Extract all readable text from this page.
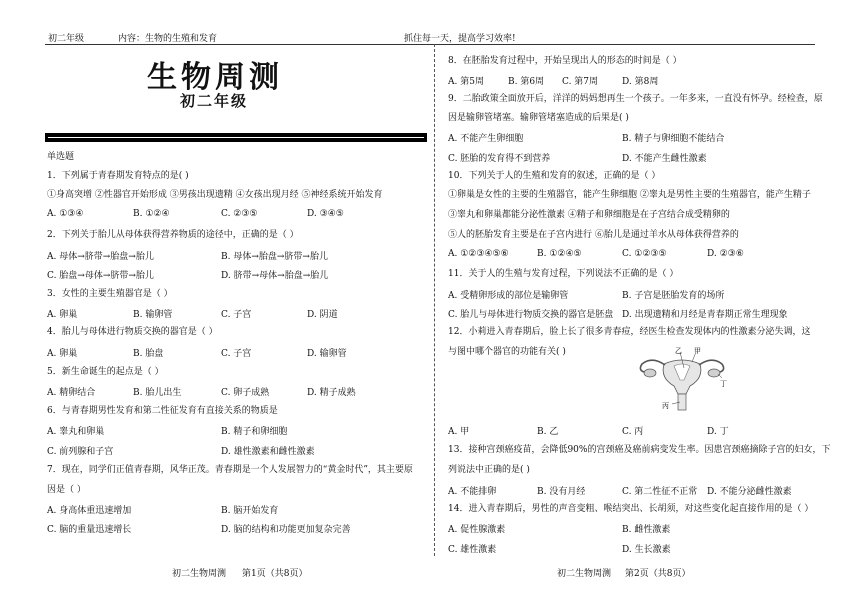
初二年级	内容：生物的生殖和发育	抓住每一天，提高学习效率!
生物周测
初二年级
单选题
1．下列属于青春期发育特点的是( )
①身高突增 ②性器官开始形成 ③男孩出现遗精 ④女孩出现月经 ⑤神经系统开始发育
A. ①③④	B. ①②④	C. ②③⑤	D. ③④⑤
2．下列关于胎儿从母体获得营养物质的途径中，正确的是（ ）
A. 母体→脐带→胎盘→胎儿	B. 母体→胎盘→脐带→胎儿
C. 胎盘→母体→脐带→胎儿	D. 脐带→母体→胎盘→胎儿
3．女性的主要生殖器官是（ ）
A. 卵巢	B. 输卵管	C. 子宫	D. 阴道
4．胎儿与母体进行物质交换的器官是（ ）
A. 卵巢	B. 胎盘	C. 子宫	D. 输卵管
5．新生命诞生的起点是（ ）
A. 精卵结合	B. 胎儿出生	C. 卵子成熟	D. 精子成熟
6．与青春期男性发育和第二性征发育有直接关系的物质是
A. 睾丸和卵巢	B. 精子和卵细胞
C. 前列腺和子宫	D. 雄性激素和雌性激素
7．现在，同学们正值青春期，风华正茂。青春期是一个人发展智力的“黄金时代”，其主要原
因是（ ）
A. 身高体重迅速增加	B. 脑开始发育
C. 脑的重量迅速增长	D. 脑的结构和功能更加复杂完善
8．在胚胎发育过程中，开始呈现出人的形态的时间是（ ）
A. 第5周	B. 第6周 C. 第7周	D. 第8周
9．二胎政策全面放开后，洋洋的妈妈想再生一个孩子。一年多来，一直没有怀孕。经检查，原
因是输卵管堵塞。输卵管堵塞造成的后果是( )
A. 不能产生卵细胞	B. 精子与卵细胞不能结合
C. 胚胎的发育得不到营养	D. 不能产生雌性激素
10．下列关于人的生殖和发育的叙述，正确的是（ ）
①卵巢是女性的主要的生殖器官，能产生卵细胞 ②睾丸是男性主要的生殖器官，能产生精子
③睾丸和卵巢都能分泌性激素 ④精子和卵细胞是在子宫结合成受精卵的
⑤人的胚胎发育主要是在子宫内进行 ⑥胎儿是通过羊水从母体获得营养的
A. ①②③④⑤⑥	B. ①②④⑤	C. ①②③⑤	D. ②③⑥
11．关于人的生殖与发育过程，下列说法不正确的是（ ）
A. 受精卵形成的部位是输卵管	B. 子宫是胚胎发育的场所
C. 胎儿与母体进行物质交换的器官是胚盘 D. 出现遗精和月经是青春期正常生理现象
12．小莉进入青春期后，脸上长了很多青春痘，经医生检查发现体内的性激素分泌失调，这
与图中哪个器官的功能有关( )	乙 甲
丁
丙
A. 甲	B. 乙	C. 丙	D. 丁
13．接种宫颈癌疫苗，会降低90%的宫颈癌及癌前病变发生率。因患宫颈癌摘除子宫的妇女，下
列说法中正确的是( )
A. 不能排卵	B. 没有月经	C. 第二性征不正常 D. 不能分泌雌性激素
14．进入青春期后，男性的声音变粗、喉结突出、长胡须，对这些变化起直接作用的是（ ）
A. 促性腺激素	B. 雌性激素
C. 雄性激素	D. 生长激素
初二生物周测 第1页（共8页）	初二生物周测 第2页（共8页）
